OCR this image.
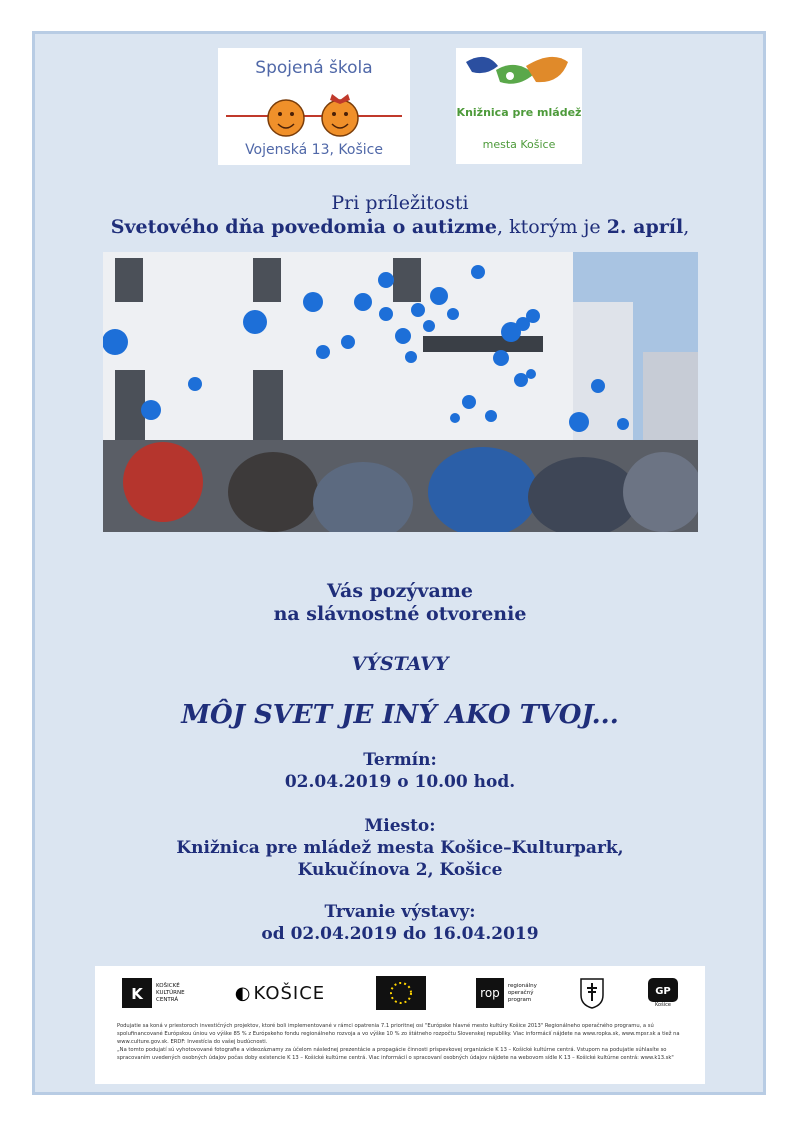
Spojená škola
Vojenská 13, Košice
Knižnica pre mládež
mesta Košice
Pri príležitosti
Svetového dňa povedomia o autizme, ktorým je 2. apríl,
Vás pozývame
na slávnostné otvorenie
VÝSTAVY
MÔJ SVET JE INÝ AKO TVOJ...
Termín:
02.04.2019 o 10.00 hod.
Miesto:
Knižnica pre mládež mesta Košice–Kulturpark,
Kukučínova 2, Košice
Trvanie výstavy:
od 02.04.2019 do 16.04.2019
K KOŠICKÉ KULTÚRNE CENTRÁ	◐ KOŠICE	rop
regionálny operačný program
GP
Košice
Podujatie sa koná v priestoroch investičných projektov, ktoré boli implementované v rámci opatrenia 7.1 prioritnej osi "Európske hlavné mesto kultúry Košice 2013" Regionálneho operačného programu, a sú spolufinancované Európskou úniou vo výške 85 % z Európskeho fondu regionálneho rozvoja a vo výške 10 % zo štátneho rozpočtu Slovenskej republiky. Viac informácií nájdete na www.ropka.sk, www.mpsr.sk a tiež na www.culture.gov.sk. ERDF: Investícia do vašej budúcnosti.
„Na tomto podujatí sú vyhotovované fotografie a videozáznamy za účelom následnej prezentácie a propagácie činnosti príspevkovej organizácie K 13 – Košické kultúrne centrá. Vstupom na podujatie súhlasíte so spracovaním uvedených osobných údajov počas doby existencie K 13 – Košické kultúrne centrá. Viac informácií o spracovaní osobných údajov nájdete na webovom sídle K 13 – Košické kultúrne centrá: www.k13.sk"
